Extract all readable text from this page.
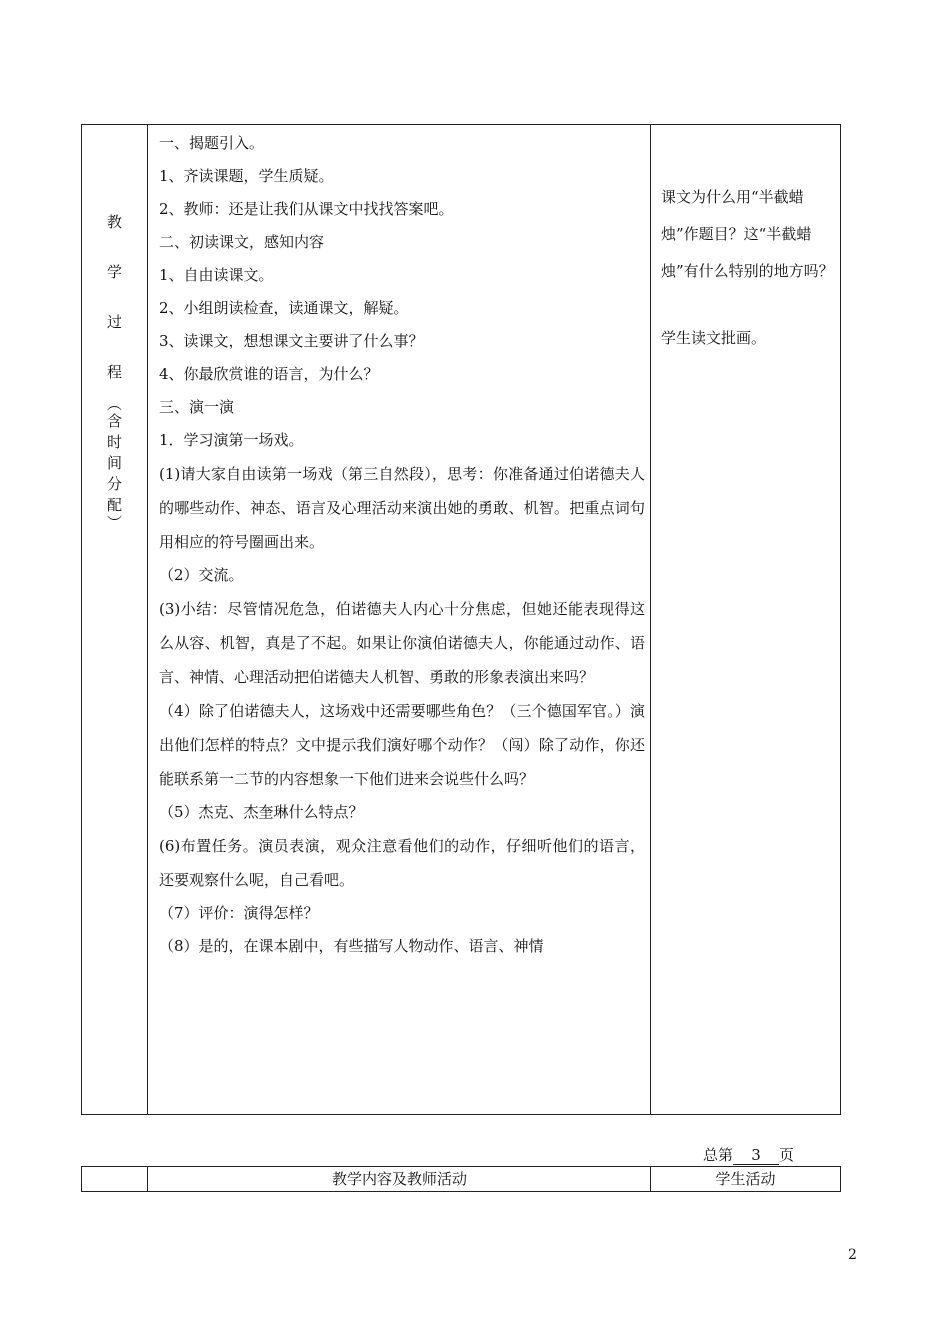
教
学
过
程
︵
含
时
间
分
配
︶

一、揭题引入。

1、齐读课题，学生质疑。

2、教师：还是让我们从课文中找找答案吧。

二、初读课文，感知内容

1、自由读课文。

2、小组朗读检查，读通课文，解疑。

3、读课文，想想课文主要讲了什么事？

4、你最欣赏谁的语言，为什么？

三、演一演

1．学习演第一场戏。

(1)请大家自由读第一场戏（第三自然段），思考：你准备通过伯诺德夫人的哪些动作、神态、语言及心理活动来演出她的勇敢、机智。把重点词句用相应的符号圈画出来。

（2）交流。

(3)小结：尽管情况危急，伯诺德夫人内心十分焦虑，但她还能表现得这么从容、机智，真是了不起。如果让你演伯诺德夫人，你能通过动作、语言、神情、心理活动把伯诺德夫人机智、勇敢的形象表演出来吗？

（4）除了伯诺德夫人，这场戏中还需要哪些角色？（三个德国军官。）演出他们怎样的特点？文中提示我们演好哪个动作？（闯）除了动作，你还能联系第一二节的内容想象一下他们进来会说些什么吗？

（5）杰克、杰奎琳什么特点？

(6)布置任务。演员表演，观众注意看他们的动作，仔细听他们的语言，还要观察什么呢，自己看吧。

（7）评价：演得怎样？

（8）是的，在课本剧中，有些描写人物动作、语言、神情

课文为什么用“半截蜡烛”作题目？这“半截蜡烛”有什么特别的地方吗？

学生读文批画。

总第 3 页
教学内容及教师活动	学生活动
2
